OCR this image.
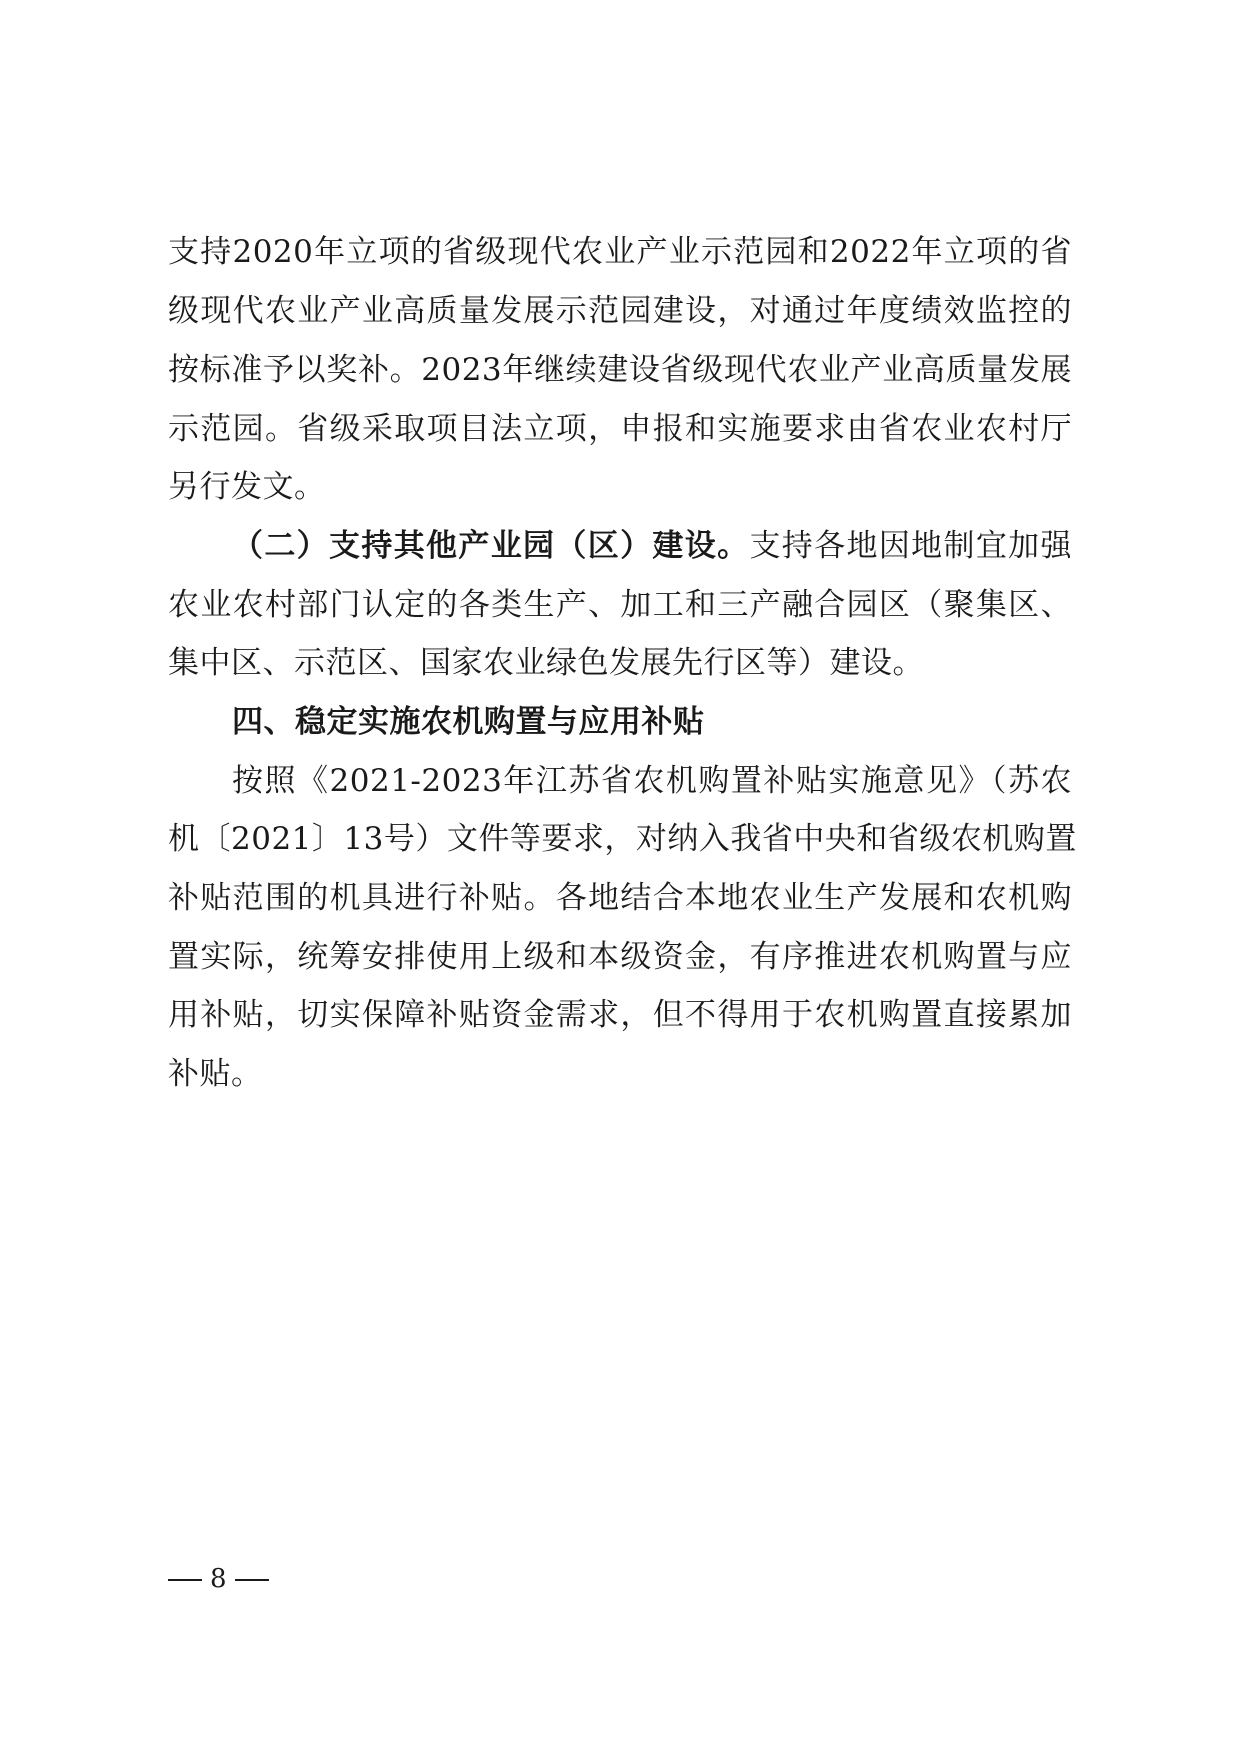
支持2020年立项的省级现代农业产业示范园和2022年立项的省
级现代农业产业高质量发展示范园建设，对通过年度绩效监控的
按标准予以奖补。2023年继续建设省级现代农业产业高质量发展
示范园。省级采取项目法立项，申报和实施要求由省农业农村厅
另行发文。
（二）支持其他产业园（区）建设。支持各地因地制宜加强
农业农村部门认定的各类生产、加工和三产融合园区（聚集区、
集中区、示范区、国家农业绿色发展先行区等）建设。
四、稳定实施农机购置与应用补贴
按照《2021-2023年江苏省农机购置补贴实施意见》（苏农
机〔2021〕13号）文件等要求，对纳入我省中央和省级农机购置
补贴范围的机具进行补贴。各地结合本地农业生产发展和农机购
置实际，统筹安排使用上级和本级资金，有序推进农机购置与应
用补贴，切实保障补贴资金需求，但不得用于农机购置直接累加
补贴。
8
